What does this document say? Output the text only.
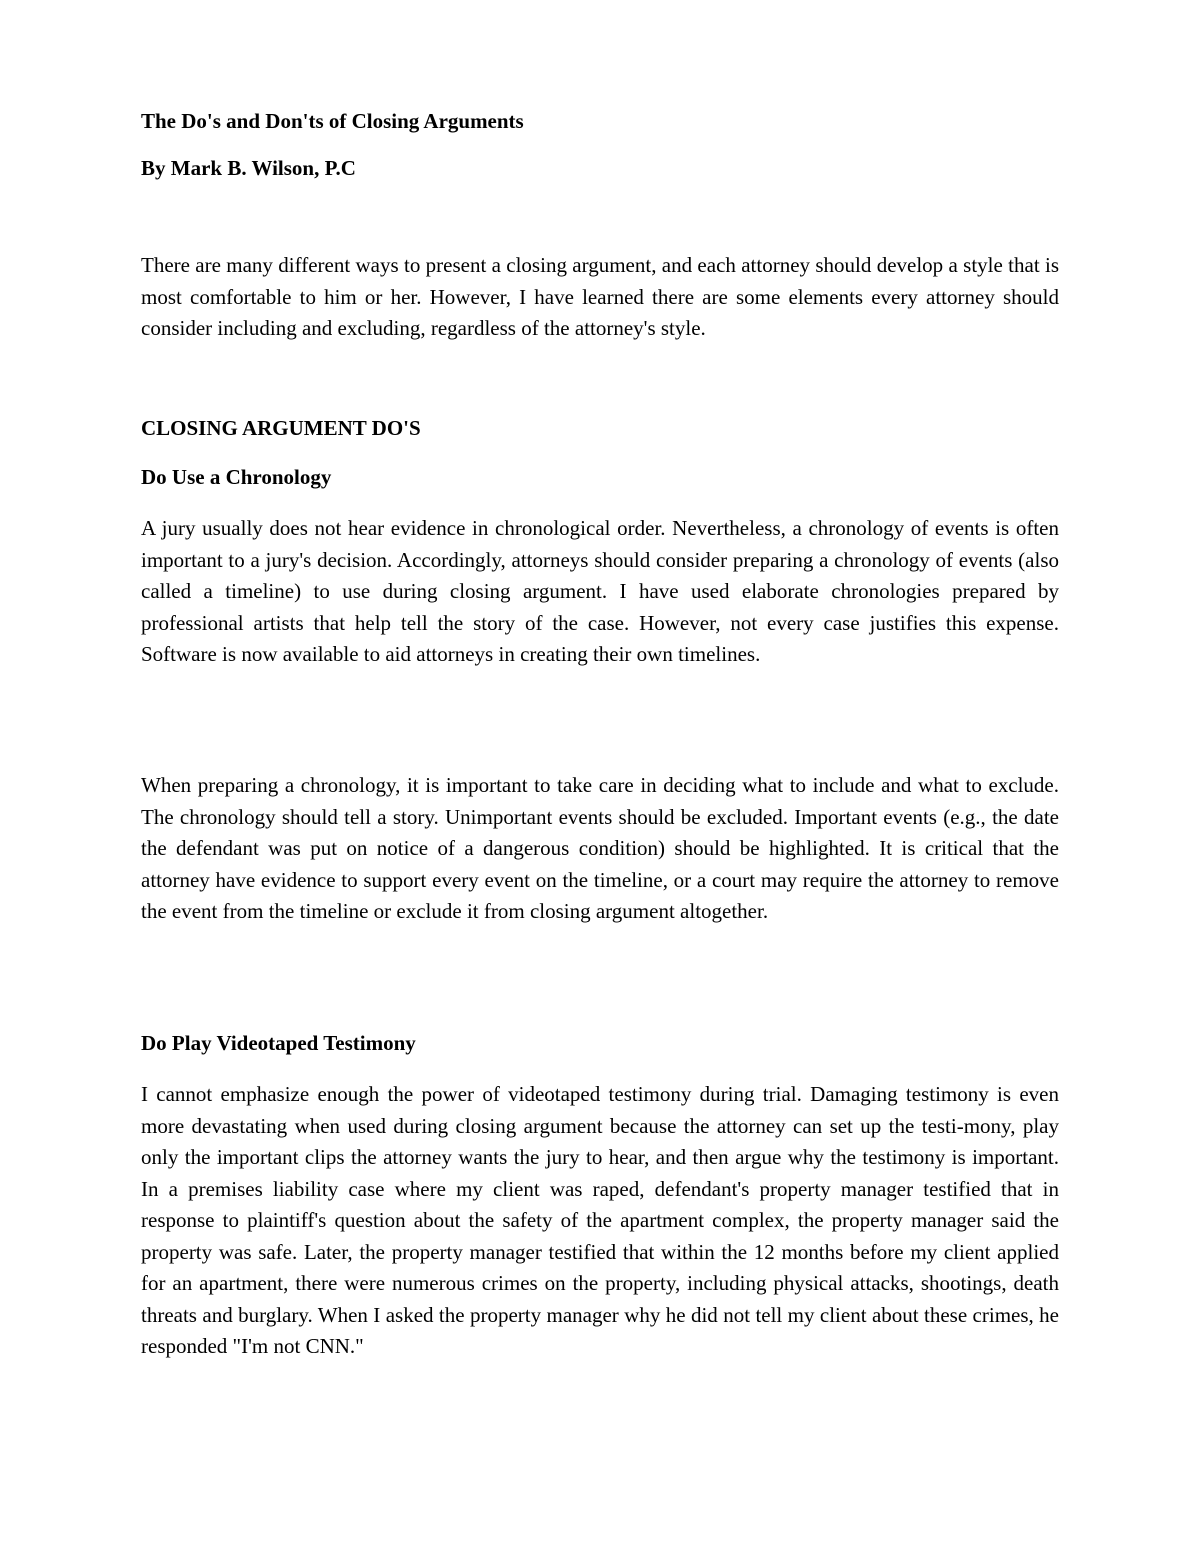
The Do's and Don'ts of Closing Arguments
By Mark B. Wilson, P.C

There are many different ways to present a closing argument, and each attorney should develop a style that is most comfortable to him or her. However, I have learned there are some elements every attorney should consider including and excluding, regardless of the attorney's style.

CLOSING ARGUMENT DO'S
Do Use a Chronology

A jury usually does not hear evidence in chronological order. Nevertheless, a chronology of events is often important to a jury's decision. Accordingly, attorneys should consider preparing a chronology of events (also called a timeline) to use during closing argument. I have used elaborate chronologies prepared by professional artists that help tell the story of the case. However, not every case justifies this expense. Software is now available to aid attorneys in creating their own timelines.

When preparing a chronology, it is important to take care in deciding what to include and what to exclude. The chronology should tell a story. Unimportant events should be excluded. Important events (e.g., the date the defendant was put on notice of a dangerous condition) should be highlighted. It is critical that the attorney have evidence to support every event on the timeline, or a court may require the attorney to remove the event from the timeline or exclude it from closing argument altogether.

Do Play Videotaped Testimony

I cannot emphasize enough the power of videotaped testimony during trial. Damaging testimony is even more devastating when used during closing argument because the attorney can set up the testi-mony, play only the important clips the attorney wants the jury to hear, and then argue why the testimony is important. In a premises liability case where my client was raped, defendant's property manager testified that in response to plaintiff's question about the safety of the apartment complex, the property manager said the property was safe. Later, the property manager testified that within the 12 months before my client applied for an apartment, there were numerous crimes on the property, including physical attacks, shootings, death threats and burglary. When I asked the property manager why he did not tell my client about these crimes, he responded "I'm not CNN."
